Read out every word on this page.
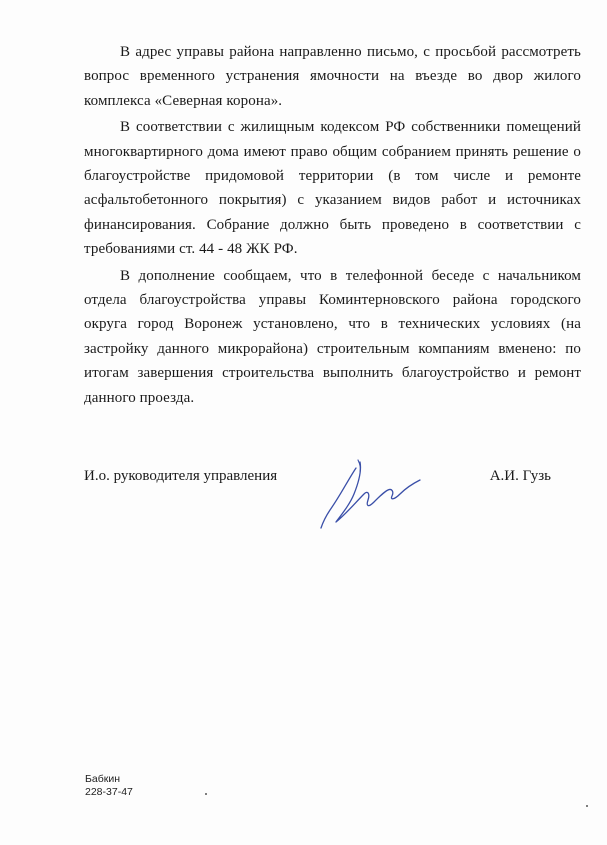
В адрес управы района направленно письмо, с просьбой рассмотреть вопрос временного устранения ямочности на въезде во двор жилого комплекса «Северная корона».

В соответствии с жилищным кодексом РФ собственники помещений многоквартирного дома имеют право общим собранием принять решение о благоустройстве придомовой территории (в том числе и ремонте асфальтобетонного покрытия) с указанием видов работ и источниках финансирования. Собрание должно быть проведено в соответствии с требованиями ст. 44 - 48 ЖК РФ.

В дополнение сообщаем, что в телефонной беседе с начальником отдела благоустройства управы Коминтерновского района городского округа город Воронеж установлено, что в технических условиях (на застройку данного микрорайона) строительным компаниям вменено: по итогам завершения строительства выполнить благоустройство и ремонт данного проезда.

И.о. руководителя управления	А.И. Гузь
Бабкин
228-37-47
